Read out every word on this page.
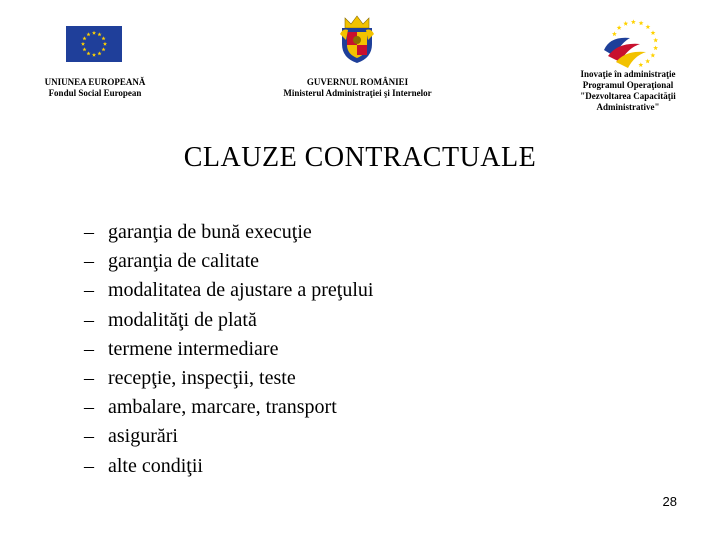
UNIUNEA EUROPEANĂ
Fondul Social European
GUVERNUL ROMÂNIEI
Ministerul Administraţiei şi Internelor
Inovaţie în administraţie
Programul Operaţional
"Dezvoltarea Capacităţii
Administrative"
CLAUZE CONTRACTUALE
– garanţia de bună execuţie
– garanţia de calitate
– modalitatea de ajustare a preţului
– modalităţi de plată
– termene intermediare
– recepţie, inspecţii, teste
– ambalare, marcare, transport
– asigurări
– alte condiţii
28
